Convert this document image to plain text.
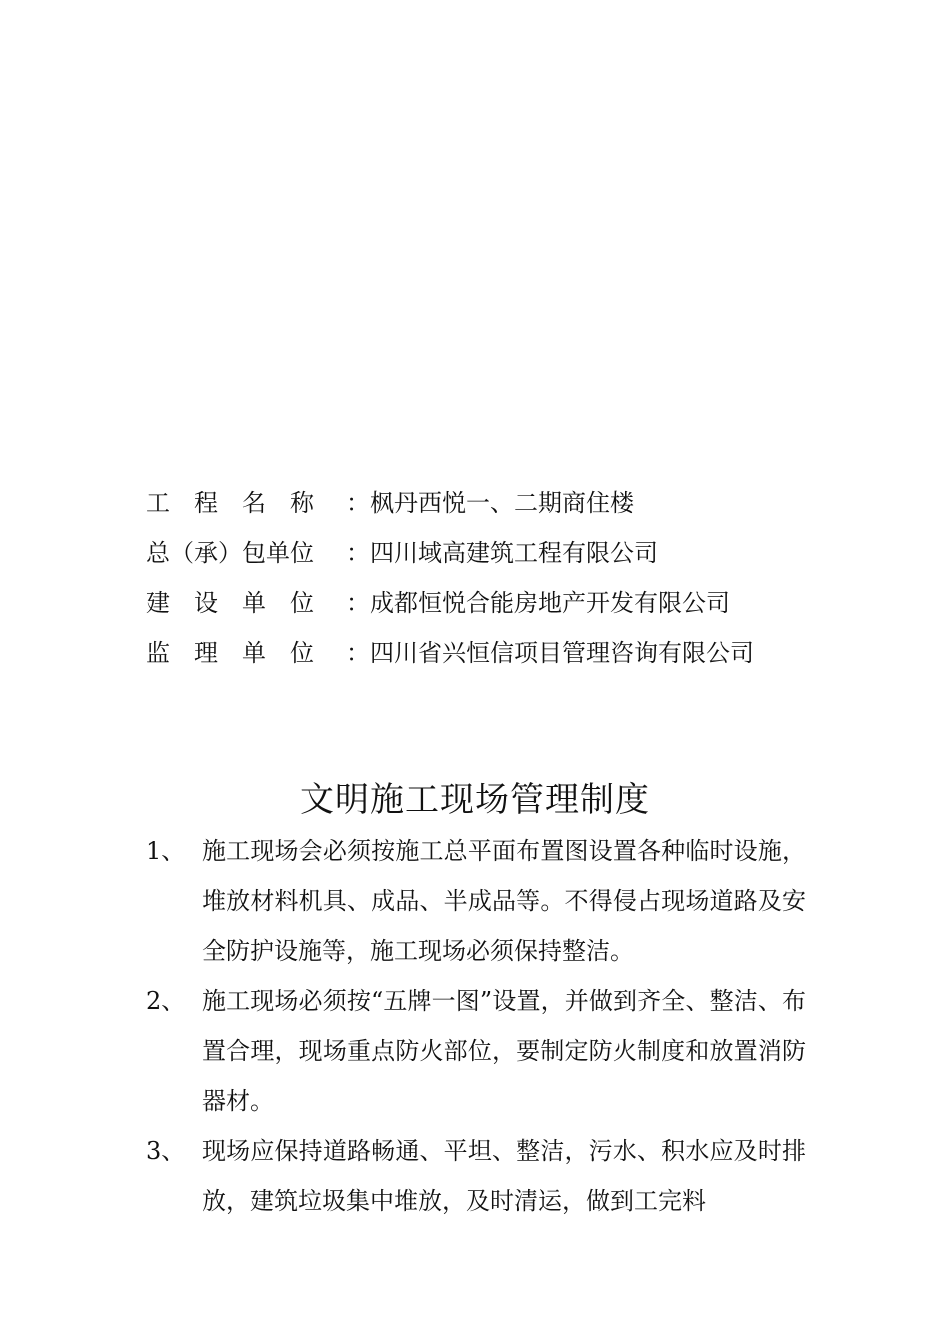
工　程　名　称	： 枫丹西悦一、二期商住楼
总（承）包单位	： 四川域高建筑工程有限公司
建　设　单　位	： 成都恒悦合能房地产开发有限公司
监　理　单　位	： 四川省兴恒信项目管理咨询有限公司
文明施工现场管理制度
1、 施工现场会必须按施工总平面布置图设置各种临时设施，堆放材料机具、成品、半成品等。不得侵占现场道路及安全防护设施等，施工现场必须保持整洁。
2、 施工现场必须按“五牌一图”设置，并做到齐全、整洁、布置合理，现场重点防火部位，要制定防火制度和放置消防器材。
3、 现场应保持道路畅通、平坦、整洁，污水、积水应及时排放，建筑垃圾集中堆放，及时清运，做到工完料
